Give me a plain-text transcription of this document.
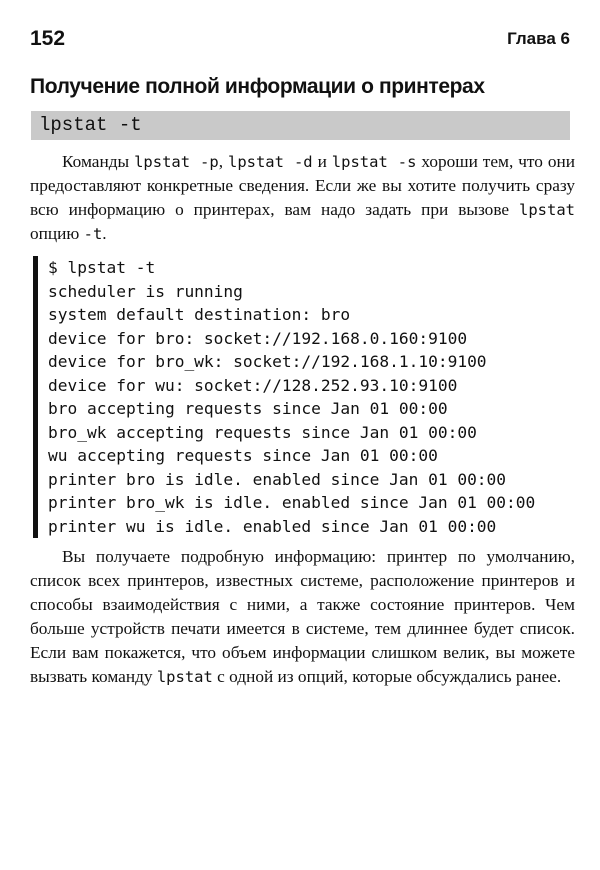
152	Глава 6
Получение полной информации о принтерах
lpstat -t

Команды lpstat -p, lpstat -d и lpstat -s хороши тем, что они предоставляют конкретные сведения. Если же вы хотите получить сразу всю информацию о принтерах, вам надо задать при вызове lpstat опцию -t.

$ lpstat -t
scheduler is running
system default destination: bro
device for bro: socket://192.168.0.160:9100
device for bro_wk: socket://192.168.1.10:9100
device for wu: socket://128.252.93.10:9100
bro accepting requests since Jan 01 00:00
bro_wk accepting requests since Jan 01 00:00
wu accepting requests since Jan 01 00:00
printer bro is idle. enabled since Jan 01 00:00
printer bro_wk is idle. enabled since Jan 01 00:00
printer wu is idle. enabled since Jan 01 00:00

Вы получаете подробную информацию: принтер по умолчанию, список всех принтеров, известных системе, расположение принтеров и способы взаимодействия с ними, а также состояние принтеров. Чем больше устройств печати имеется в системе, тем длиннее будет список. Если вам покажется, что объем информации слишком велик, вы можете вызвать команду lpstat с одной из опций, которые обсуждались ранее.
